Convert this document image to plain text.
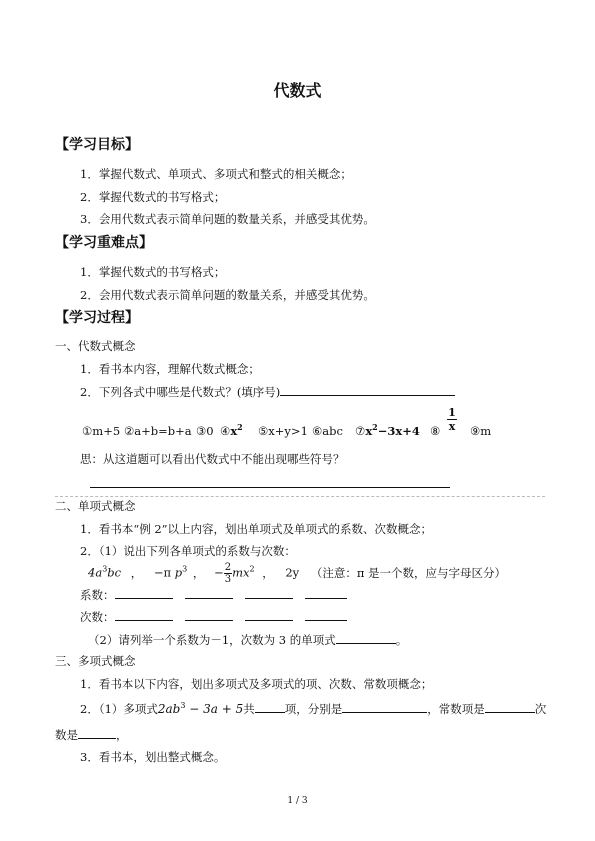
代数式
【学习目标】
1．掌握代数式、单项式、多项式和整式的相关概念；
2．掌握代数式的书写格式；
3．会用代数式表示简单问题的数量关系，并感受其优势。
【学习重难点】
1．掌握代数式的书写格式；
2．会用代数式表示简单问题的数量关系，并感受其优势。
【学习过程】
一、代数式概念
1．看书本内容，理解代数式概念；
2．下列各式中哪些是代数式？(填序号)
①m+5 ②a+b=b+a ③0 $④x^2$ ⑤x+y>1 ⑥abc $⑦x^2-3x+4$ ⑧ $\frac{1}{x}$ ⑨m
思：从这道题可以看出代数式中不能出现哪些符号？
二、单项式概念
1．看书本“例 2”以上内容，划出单项式及单项式的系数、次数概念；
2．（1）说出下列各单项式的系数与次数：
$4a^3bc$ ， −π $p^3$ ， − $\frac{2}{3} mx^2$ ， 2y （注意：π 是一个数，应与字母区分）
系数：
次数：
（2）请列举一个系数为－1，次数为 3 的单项式	。
三、多项式概念
1．看书本以下内容，划出多项式及多项式的项、次数、常数项概念；
2．（1）多项式$2ab^3 - 3a + 5$共	项，分别是	，常数项是	次
数是	，
3．看书本，划出整式概念。
1 / 3
